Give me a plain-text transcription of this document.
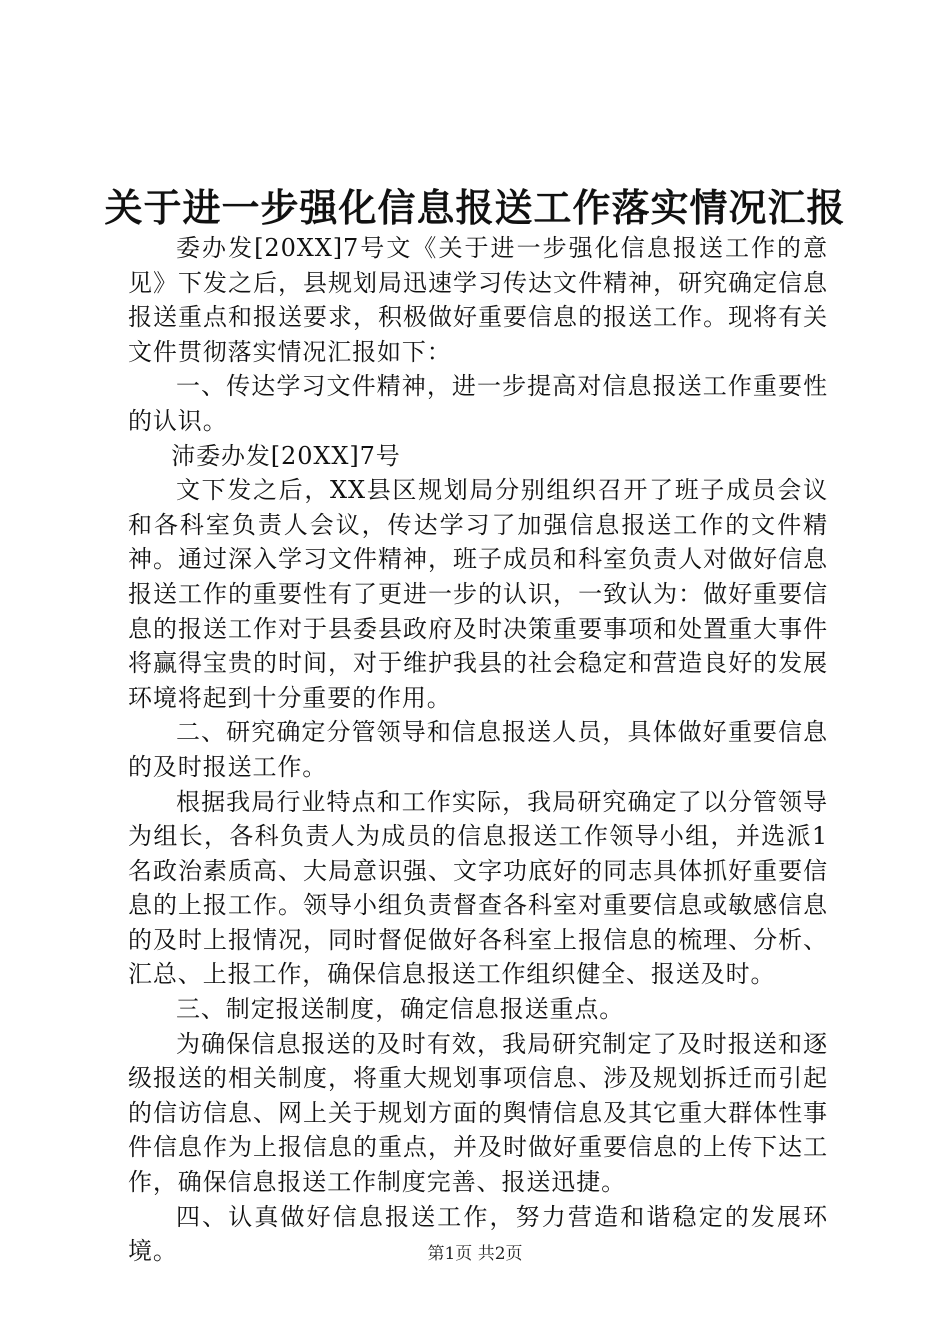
关于进一步强化信息报送工作落实情况汇报

委办发[20XX]7号文《关于进一步强化信息报送工作的意见》下发之后，县规划局迅速学习传达文件精神，研究确定信息报送重点和报送要求，积极做好重要信息的报送工作。现将有关文件贯彻落实情况汇报如下：

一、传达学习文件精神，进一步提高对信息报送工作重要性的认识。

沛委办发[20XX]7号

文下发之后，XX县区规划局分别组织召开了班子成员会议和各科室负责人会议，传达学习了加强信息报送工作的文件精神。通过深入学习文件精神，班子成员和科室负责人对做好信息报送工作的重要性有了更进一步的认识，一致认为：做好重要信息的报送工作对于县委县政府及时决策重要事项和处置重大事件将赢得宝贵的时间，对于维护我县的社会稳定和营造良好的发展环境将起到十分重要的作用。

二、研究确定分管领导和信息报送人员，具体做好重要信息的及时报送工作。

根据我局行业特点和工作实际，我局研究确定了以分管领导为组长，各科负责人为成员的信息报送工作领导小组，并选派1名政治素质高、大局意识强、文字功底好的同志具体抓好重要信息的上报工作。领导小组负责督查各科室对重要信息或敏感信息的及时上报情况，同时督促做好各科室上报信息的梳理、分析、汇总、上报工作，确保信息报送工作组织健全、报送及时。

三、制定报送制度，确定信息报送重点。

为确保信息报送的及时有效，我局研究制定了及时报送和逐级报送的相关制度，将重大规划事项信息、涉及规划拆迁而引起的信访信息、网上关于规划方面的舆情信息及其它重大群体性事件信息作为上报信息的重点，并及时做好重要信息的上传下达工作，确保信息报送工作制度完善、报送迅捷。

四、认真做好信息报送工作，努力营造和谐稳定的发展环境。	第1页 共2页
